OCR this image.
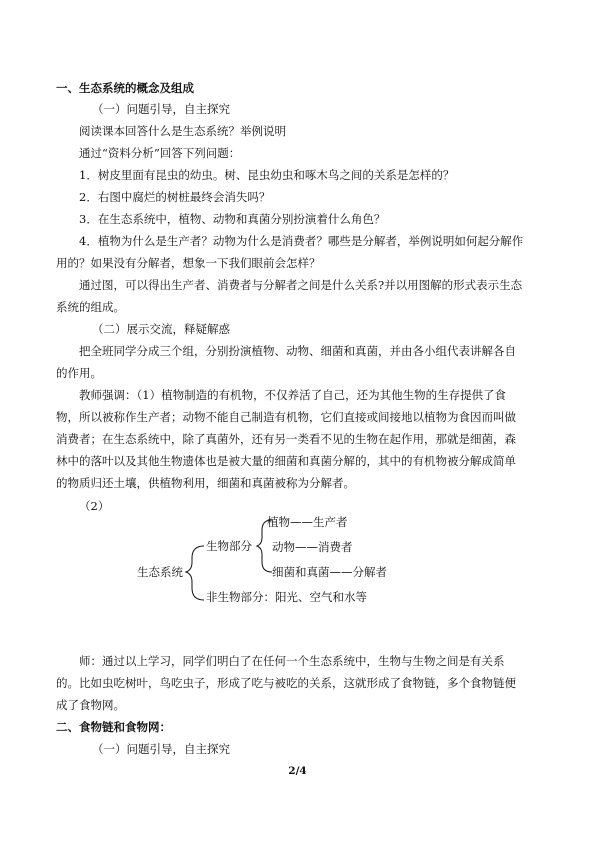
一、生态系统的概念及组成
（一）问题引导，自主探究
阅读课本回答什么是生态系统？举例说明
通过“资料分析”回答下列问题：
1．树皮里面有昆虫的幼虫。树、昆虫幼虫和啄木鸟之间的关系是怎样的？
2．右图中腐烂的树桩最终会消失吗？
3．在生态系统中，植物、动物和真菌分别扮演着什么角色？
4．植物为什么是生产者？动物为什么是消费者？哪些是分解者，举例说明如何起分解作
用的？如果没有分解者，想象一下我们眼前会怎样？
通过图，可以得出生产者、消费者与分解者之间是什么关系?并以用图解的形式表示生态
系统的组成。
（二）展示交流，释疑解惑
把全班同学分成三个组，分别扮演植物、动物、细菌和真菌，并由各小组代表讲解各自
的作用。
教师强调：（1）植物制造的有机物，不仅养活了自己，还为其他生物的生存提供了食
物，所以被称作生产者；动物不能自己制造有机物，它们直接或间接地以植物为食因而叫做
消费者；在生态系统中，除了真菌外，还有另一类看不见的生物在起作用，那就是细菌，森
林中的落叶以及其他生物遗体也是被大量的细菌和真菌分解的，其中的有机物被分解成简单
的物质归还土壤，供植物利用，细菌和真菌被称为分解者。
（2）
生态系统
生物部分
植物——生产者
动物——消费者
细菌和真菌——分解者
非生物部分：阳光、空气和水等
师：通过以上学习，同学们明白了在任何一个生态系统中，生物与生物之间是有关系
的。比如虫吃树叶，鸟吃虫子，形成了吃与被吃的关系，这就形成了食物链，多个食物链便
成了食物网。
二、食物链和食物网：
（一）问题引导，自主探究
2/4
